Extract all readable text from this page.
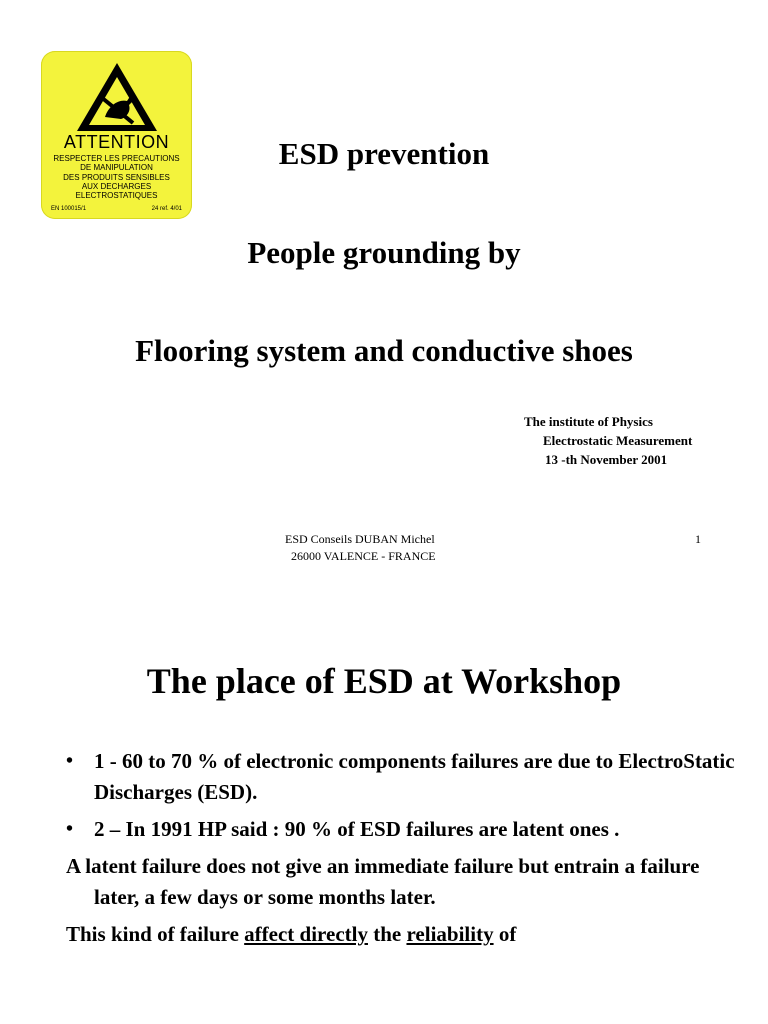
ATTENTION
RESPECTER LES PRECAUTIONS
DE MANIPULATION
DES PRODUITS SENSIBLES
AUX DECHARGES
ELECTROSTATIQUES
EN 100015/1	24 ref. 4/01
ESD prevention
People grounding by
Flooring system and conductive shoes
The institute of Physics
Electrostatic Measurement
13 -th November 2001
ESD Conseils DUBAN Michel
26000 VALENCE - FRANCE
1
The place of ESD at Workshop
• 1 - 60 to 70 % of electronic components failures are due to ElectroStatic Discharges (ESD).
• 2 – In 1991 HP said : 90 % of ESD failures are latent ones .
A latent failure does not give an immediate failure but entrain a failure later, a few days or some months later.
This kind of failure affect directly the reliability of
